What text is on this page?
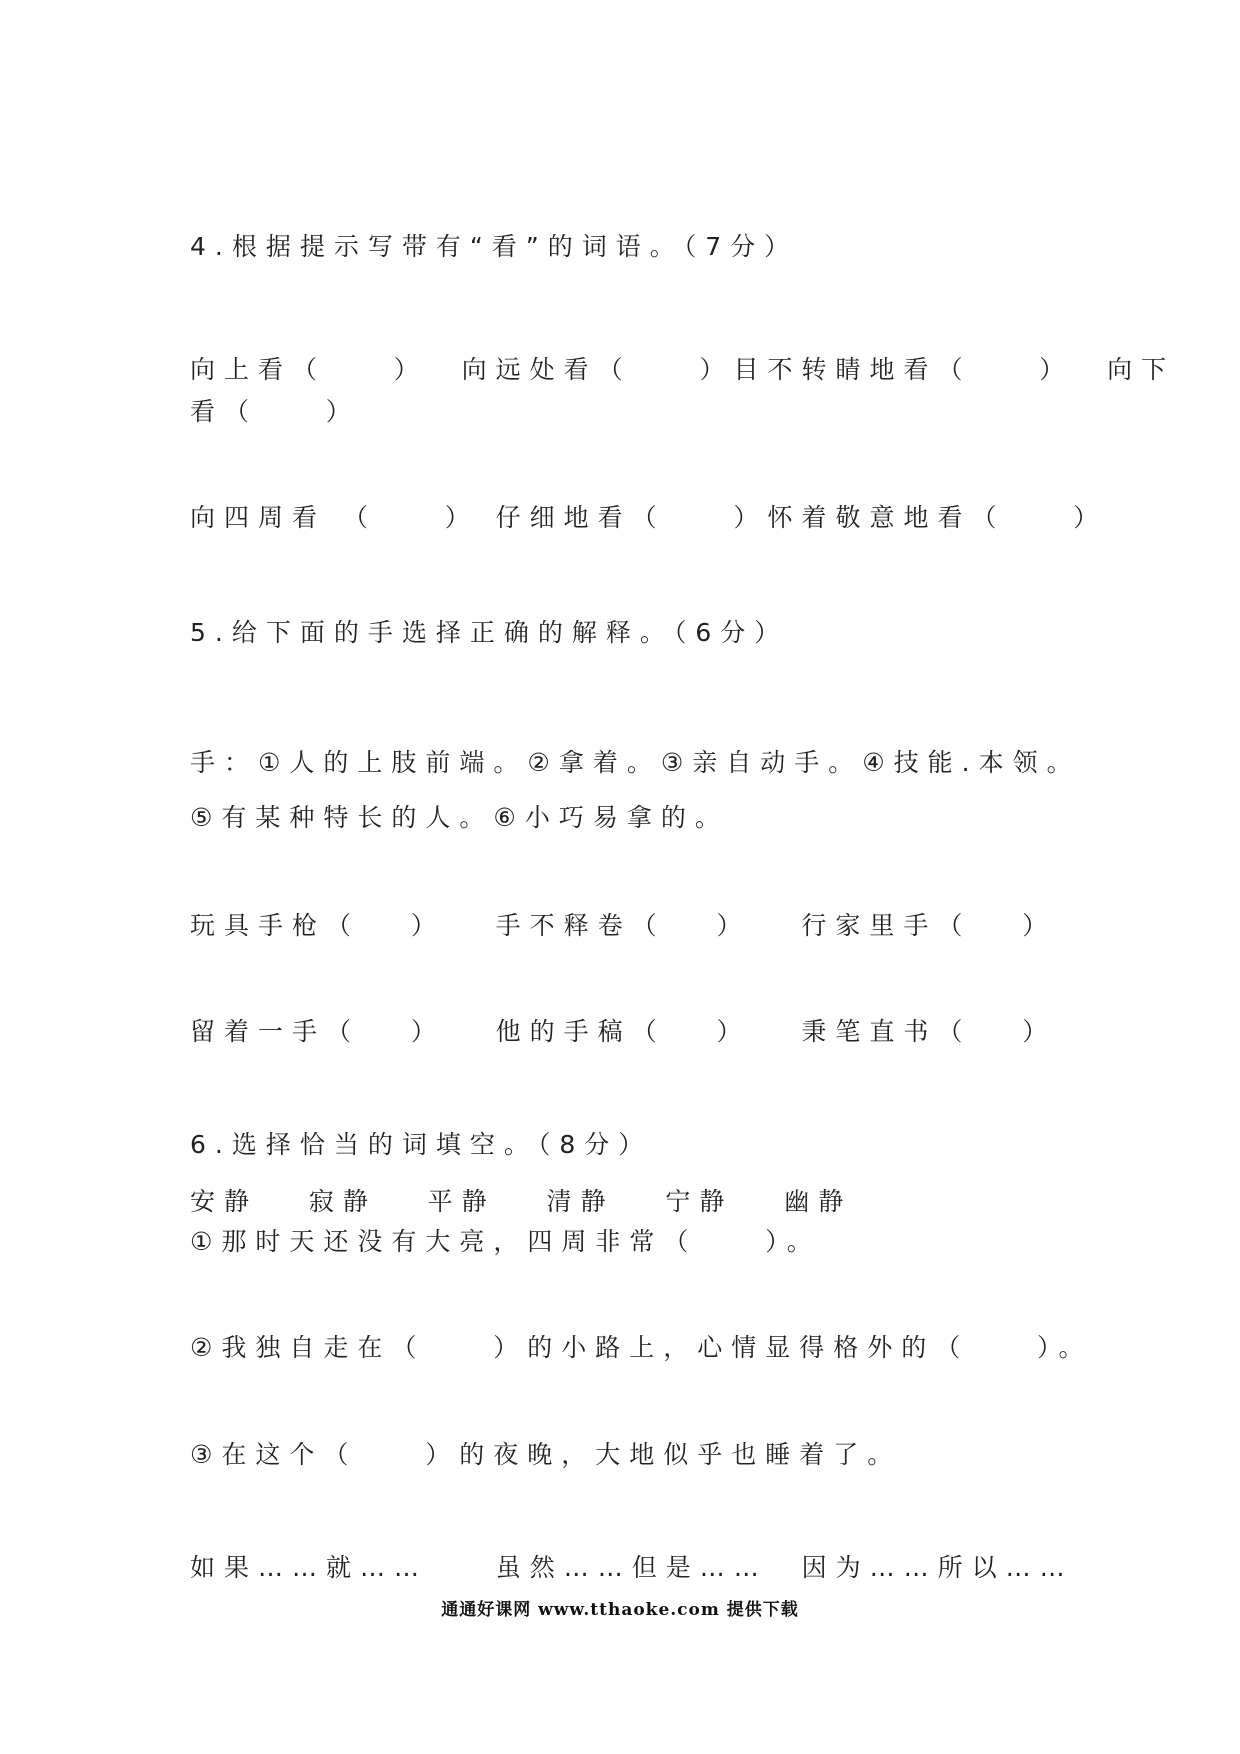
4.根据提示写带有“看”的词语。（7分）
向上看（    ）  向远处看（    ）目不转睛地看（    ）  向下
看（    ）
向四周看 （    ） 仔细地看（    ）怀着敬意地看（    ）
5.给下面的手选择正确的解释。（6分）
手：①人的上肢前端。②拿着。③亲自动手。④技能.本领。
⑤有某种特长的人。⑥小巧易拿的。
玩具手枪（   ）   手不释卷（   ）   行家里手（   ）
留着一手（   ）   他的手稿（   ）   秉笔直书（   ）
6.选择恰当的词填空。（8分）
安静   寂静   平静   清静   宁静   幽静
①那时天还没有大亮，四周非常（    ）。
②我独自走在（    ）的小路上，心情显得格外的（    ）。
③在这个（    ）的夜晚，大地似乎也睡着了。
如果……就……    虽然……但是……  因为……所以……
通通好课网 www.tthaoke.com 提供下载
